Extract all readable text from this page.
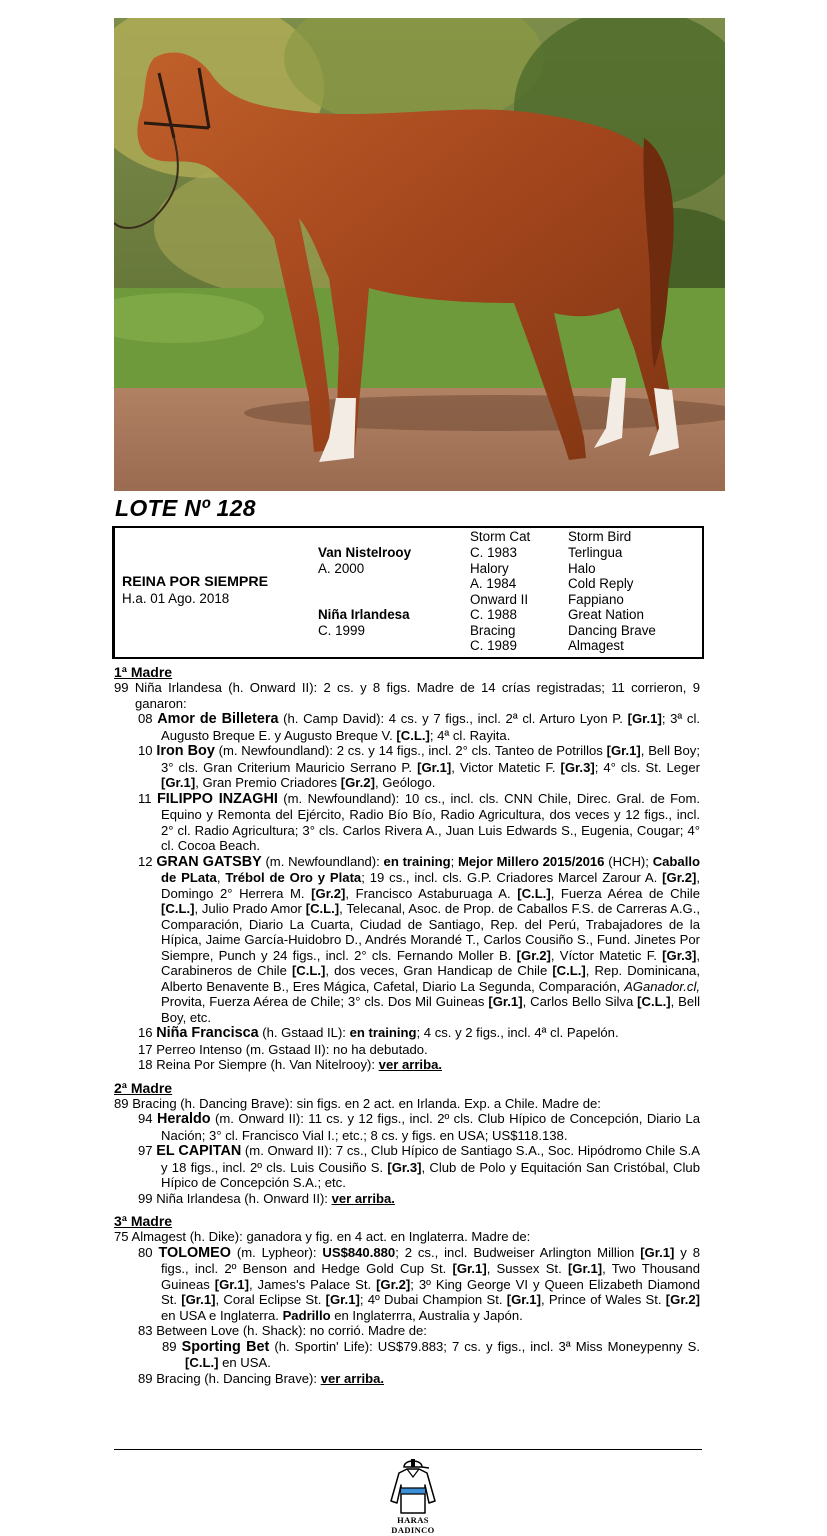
LOTE Nº 128
REINA POR SIEMPRE
H.a. 01 Ago. 2018
Van Nistelrooy
A. 2000
Niña Irlandesa
C. 1999
Storm Cat
C. 1983
Halory
A. 1984
Onward II
C. 1988
Bracing
C. 1989
Storm Bird
Terlingua
Halo
Cold Reply
Fappiano
Great Nation
Dancing Brave
Almagest
1ª Madre

99 Niña Irlandesa (h. Onward II): 2 cs. y 8 figs. Madre de 14 crías registradas; 11 corrieron, 9 ganaron:

08 Amor de Billetera (h. Camp David): 4 cs. y 7 figs., incl. 2ª cl. Arturo Lyon P. [Gr.1]; 3ª cl. Augusto Breque E. y Augusto Breque V. [C.L.]; 4ª cl. Rayita.

10 Iron Boy (m. Newfoundland): 2 cs. y 14 figs., incl. 2° cls. Tanteo de Potrillos [Gr.1], Bell Boy; 3° cls. Gran Criterium Mauricio Serrano P. [Gr.1], Victor Matetic F. [Gr.3]; 4° cls. St. Leger [Gr.1], Gran Premio Criadores [Gr.2], Geólogo.

11 FILIPPO INZAGHI (m. Newfoundland): 10 cs., incl. cls. CNN Chile, Direc. Gral. de Fom. Equino y Remonta del Ejército, Radio Bío Bío, Radio Agricultura, dos veces y 12 figs., incl. 2° cl. Radio Agricultura; 3° cls. Carlos Rivera A., Juan Luis Edwards S., Eugenia, Cougar; 4° cl. Cocoa Beach.

12 GRAN GATSBY (m. Newfoundland): en training; Mejor Millero 2015/2016 (HCH); Caballo de PLata, Trébol de Oro y Plata; 19 cs., incl. cls. G.P. Criadores Marcel Zarour A. [Gr.2], Domingo 2° Herrera M. [Gr.2], Francisco Astaburuaga A. [C.L.], Fuerza Aérea de Chile [C.L.], Julio Prado Amor [C.L.], Telecanal, Asoc. de Prop. de Caballos F.S. de Carreras A.G., Comparación, Diario La Cuarta, Ciudad de Santiago, Rep. del Perú, Trabajadores de la Hípica, Jaime García-Huidobro D., Andrés Morandé T., Carlos Cousiño S., Fund. Jinetes Por Siempre, Punch y 24 figs., incl. 2° cls. Fernando Moller B. [Gr.2], Víctor Matetic F. [Gr.3], Carabineros de Chile [C.L.], dos veces, Gran Handicap de Chile [C.L.], Rep. Dominicana, Alberto Benavente B., Eres Mágica, Cafetal, Diario La Segunda, Comparación, AGanador.cl, Provita, Fuerza Aérea de Chile; 3° cls. Dos Mil Guineas [Gr.1], Carlos Bello Silva [C.L.], Bell Boy, etc.

16 Niña Francisca (h. Gstaad IL): en training; 4 cs. y 2 figs., incl. 4ª cl. Papelón.

17 Perreo Intenso (m. Gstaad II): no ha debutado.

18 Reina Por Siempre (h. Van Nitelrooy): ver arriba.

2ª Madre

89 Bracing (h. Dancing Brave): sin figs. en 2 act. en Irlanda. Exp. a Chile. Madre de:

94 Heraldo (m. Onward II): 11 cs. y 12 figs., incl. 2º cls. Club Hípico de Concepción, Diario La Nación; 3° cl. Francisco Vial I.; etc.; 8 cs. y figs. en USA; US$118.138.

97 EL CAPITAN (m. Onward II): 7 cs., Club Hípico de Santiago S.A., Soc. Hipódromo Chile S.A y 18 figs., incl. 2º cls. Luis Cousiño S. [Gr.3], Club de Polo y Equitación San Cristóbal, Club Hípico de Concepción S.A.; etc.

99 Niña Irlandesa (h. Onward II): ver arriba.

3ª Madre

75 Almagest (h. Dike): ganadora y fig. en 4 act. en Inglaterra. Madre de:

80 TOLOMEO (m. Lypheor): US$840.880; 2 cs., incl. Budweiser Arlington Million [Gr.1] y 8 figs., incl. 2º Benson and Hedge Gold Cup St. [Gr.1], Sussex St. [Gr.1], Two Thousand Guineas [Gr.1], James's Palace St. [Gr.2]; 3º King George VI y Queen Elizabeth Diamond St. [Gr.1], Coral Eclipse St. [Gr.1]; 4º Dubai Champion St. [Gr.1], Prince of Wales St. [Gr.2] en USA e Inglaterra. Padrillo en Inglaterrra, Australia y Japón.

83 Between Love (h. Shack): no corrió. Madre de:

89 Sporting Bet (h. Sportin' Life): US$79.883; 7 cs. y figs., incl. 3ª Miss Moneypenny S. [C.L.] en USA.

89 Bracing (h. Dancing Brave): ver arriba.

HARAS DADINCO
